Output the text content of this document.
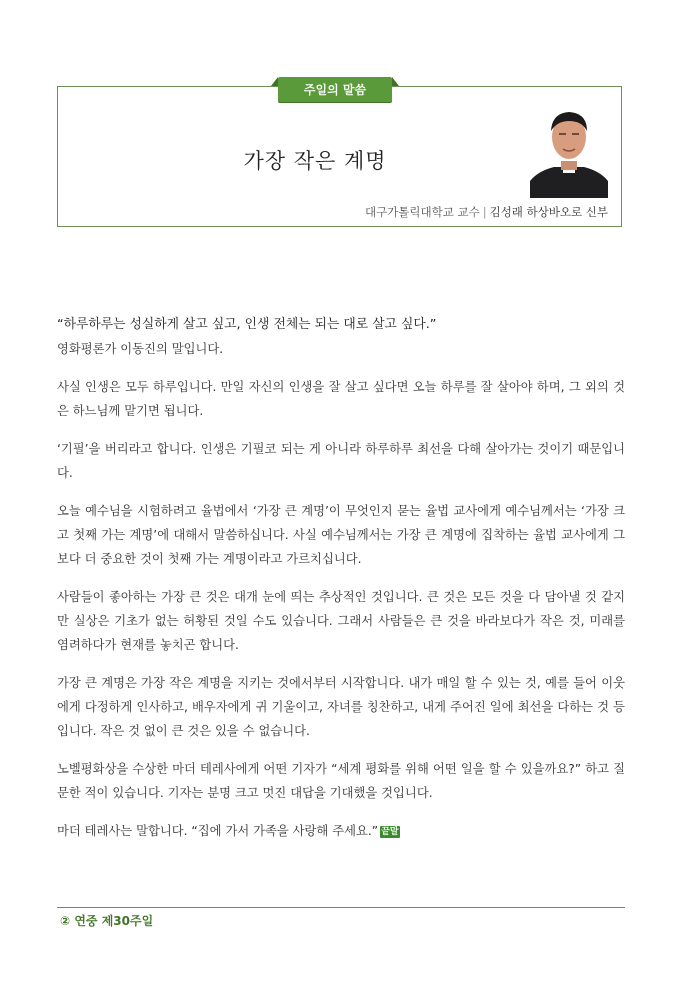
주일의 말씀
가장 작은 계명
대구가톨릭대학교 교수 | 김성래 하상바오로 신부
“하루하루는 성실하게 살고 싶고, 인생 전체는 되는 대로 살고 싶다.”
영화평론가 이동진의 말입니다.
사실 인생은 모두 하루입니다. 만일 자신의 인생을 잘 살고 싶다면 오늘 하루를 잘 살아야 하며, 그 외의 것은 하느님께 맡기면 됩니다.
‘기필’을 버리라고 합니다. 인생은 기필코 되는 게 아니라 하루하루 최선을 다해 살아가는 것이기 때문입니다.
오늘 예수님을 시험하려고 율법에서 ‘가장 큰 계명’이 무엇인지 묻는 율법 교사에게 예수님께서는 ‘가장 크고 첫째 가는 계명’에 대해서 말씀하십니다. 사실 예수님께서는 가장 큰 계명에 집착하는 율법 교사에게 그보다 더 중요한 것이 첫째 가는 계명이라고 가르치십니다.
사람들이 좋아하는 가장 큰 것은 대개 눈에 띄는 추상적인 것입니다. 큰 것은 모든 것을 다 담아낼 것 같지만 실상은 기초가 없는 허황된 것일 수도 있습니다. 그래서 사람들은 큰 것을 바라보다가 작은 것, 미래를 염려하다가 현재를 놓치곤 합니다.
가장 큰 계명은 가장 작은 계명을 지키는 것에서부터 시작합니다. 내가 매일 할 수 있는 것, 예를 들어 이웃에게 다정하게 인사하고, 배우자에게 귀 기울이고, 자녀를 칭찬하고, 내게 주어진 일에 최선을 다하는 것 등입니다. 작은 것 없이 큰 것은 있을 수 없습니다.
노벨평화상을 수상한 마더 테레사에게 어떤 기자가 “세계 평화를 위해 어떤 일을 할 수 있을까요?” 하고 질문한 적이 있습니다. 기자는 분명 크고 멋진 대답을 기대했을 것입니다.
마더 테레사는 말합니다. “집에 가서 가족을 사랑해 주세요.” 끝말
② 연중 제30주일
